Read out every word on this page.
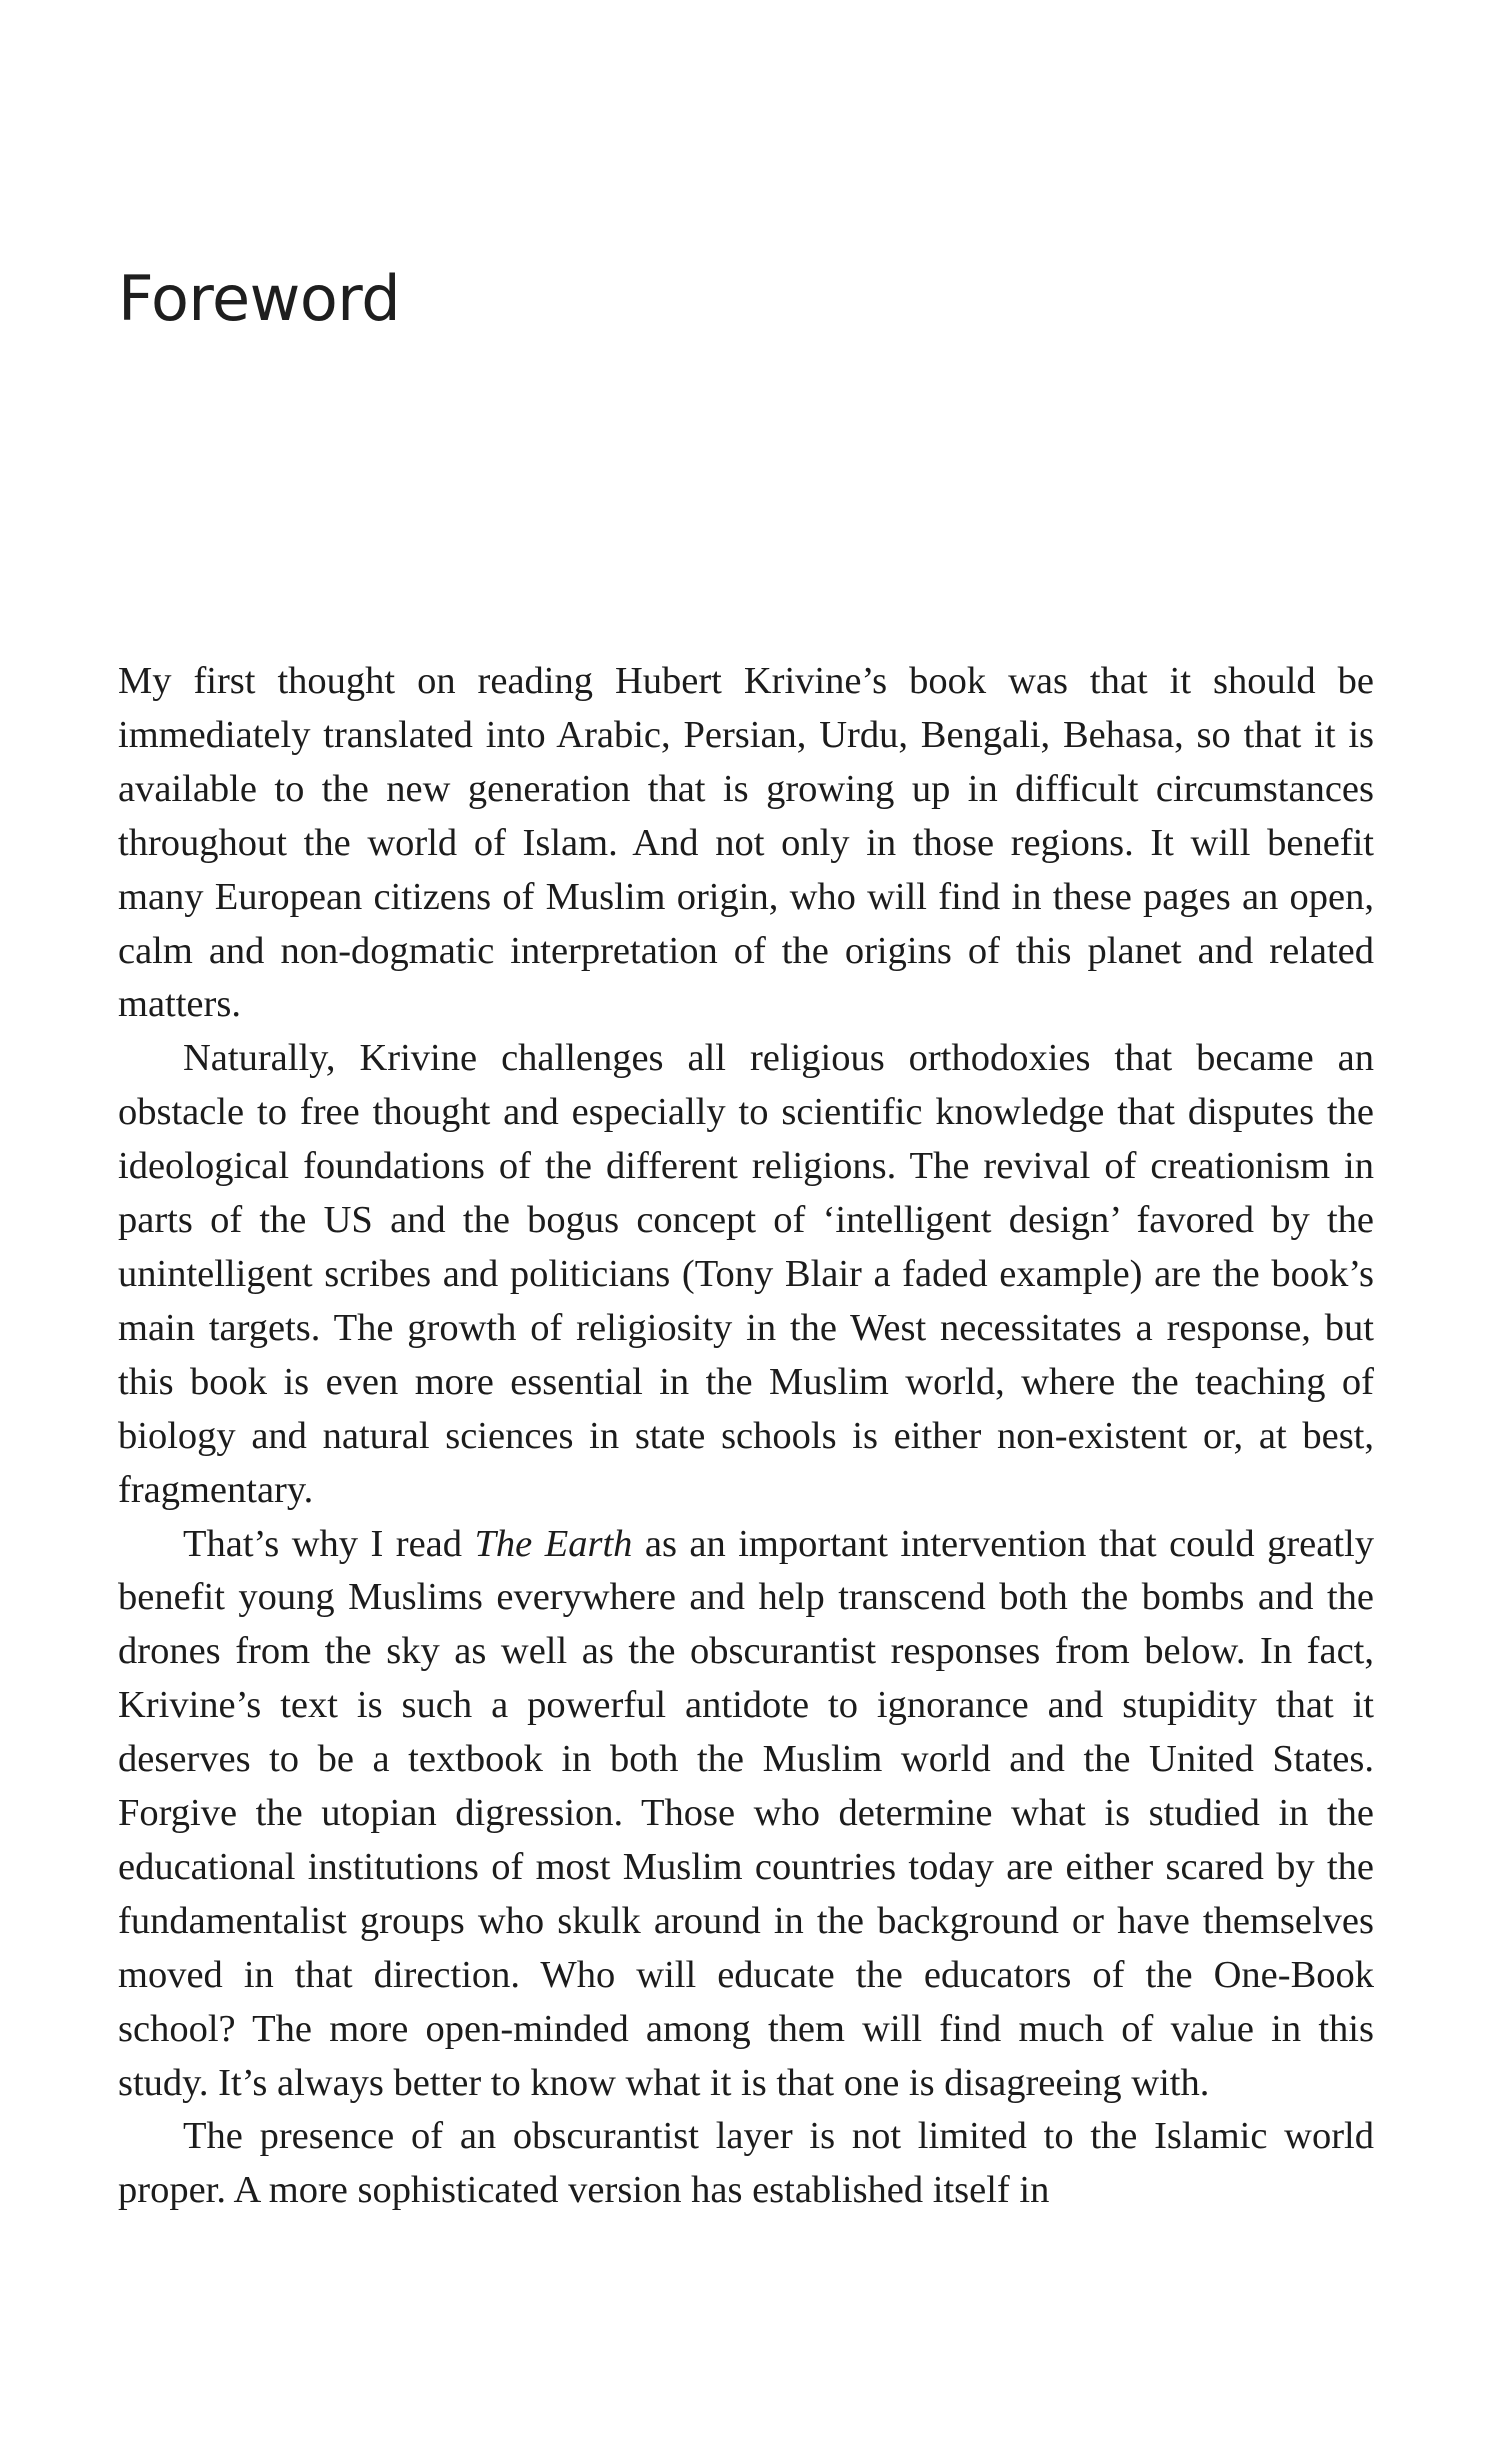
Foreword

My first thought on reading Hubert Krivine’s book was that it should be immediately translated into Arabic, Persian, Urdu, Bengali, Behasa, so that it is available to the new generation that is growing up in difficult circumstances throughout the world of Islam. And not only in those regions. It will benefit many European citizens of Muslim origin, who will find in these pages an open, calm and non-dogmatic interpretation of the origins of this planet and related matters.

Naturally, Krivine challenges all religious orthodoxies that became an obstacle to free thought and especially to scientific knowledge that disputes the ideological foundations of the different religions. The revival of creationism in parts of the US and the bogus concept of ‘intelligent design’ favored by the unintelligent scribes and politicians (Tony Blair a faded example) are the book’s main targets. The growth of religiosity in the West necessitates a response, but this book is even more essential in the Muslim world, where the teaching of biology and natural sciences in state schools is either non-existent or, at best, fragmentary.

That’s why I read The Earth as an important intervention that could greatly benefit young Muslims everywhere and help transcend both the bombs and the drones from the sky as well as the obscurantist responses from below. In fact, Krivine’s text is such a powerful antidote to ignorance and stupidity that it deserves to be a textbook in both the Muslim world and the United States. Forgive the utopian digression. Those who determine what is studied in the educational institutions of most Muslim countries today are either scared by the fundamentalist groups who skulk around in the background or have themselves moved in that direction. Who will educate the educators of the One-Book school? The more open-minded among them will find much of value in this study. It’s always better to know what it is that one is disagreeing with.

The presence of an obscurantist layer is not limited to the Islamic world proper. A more sophisticated version has established itself in
